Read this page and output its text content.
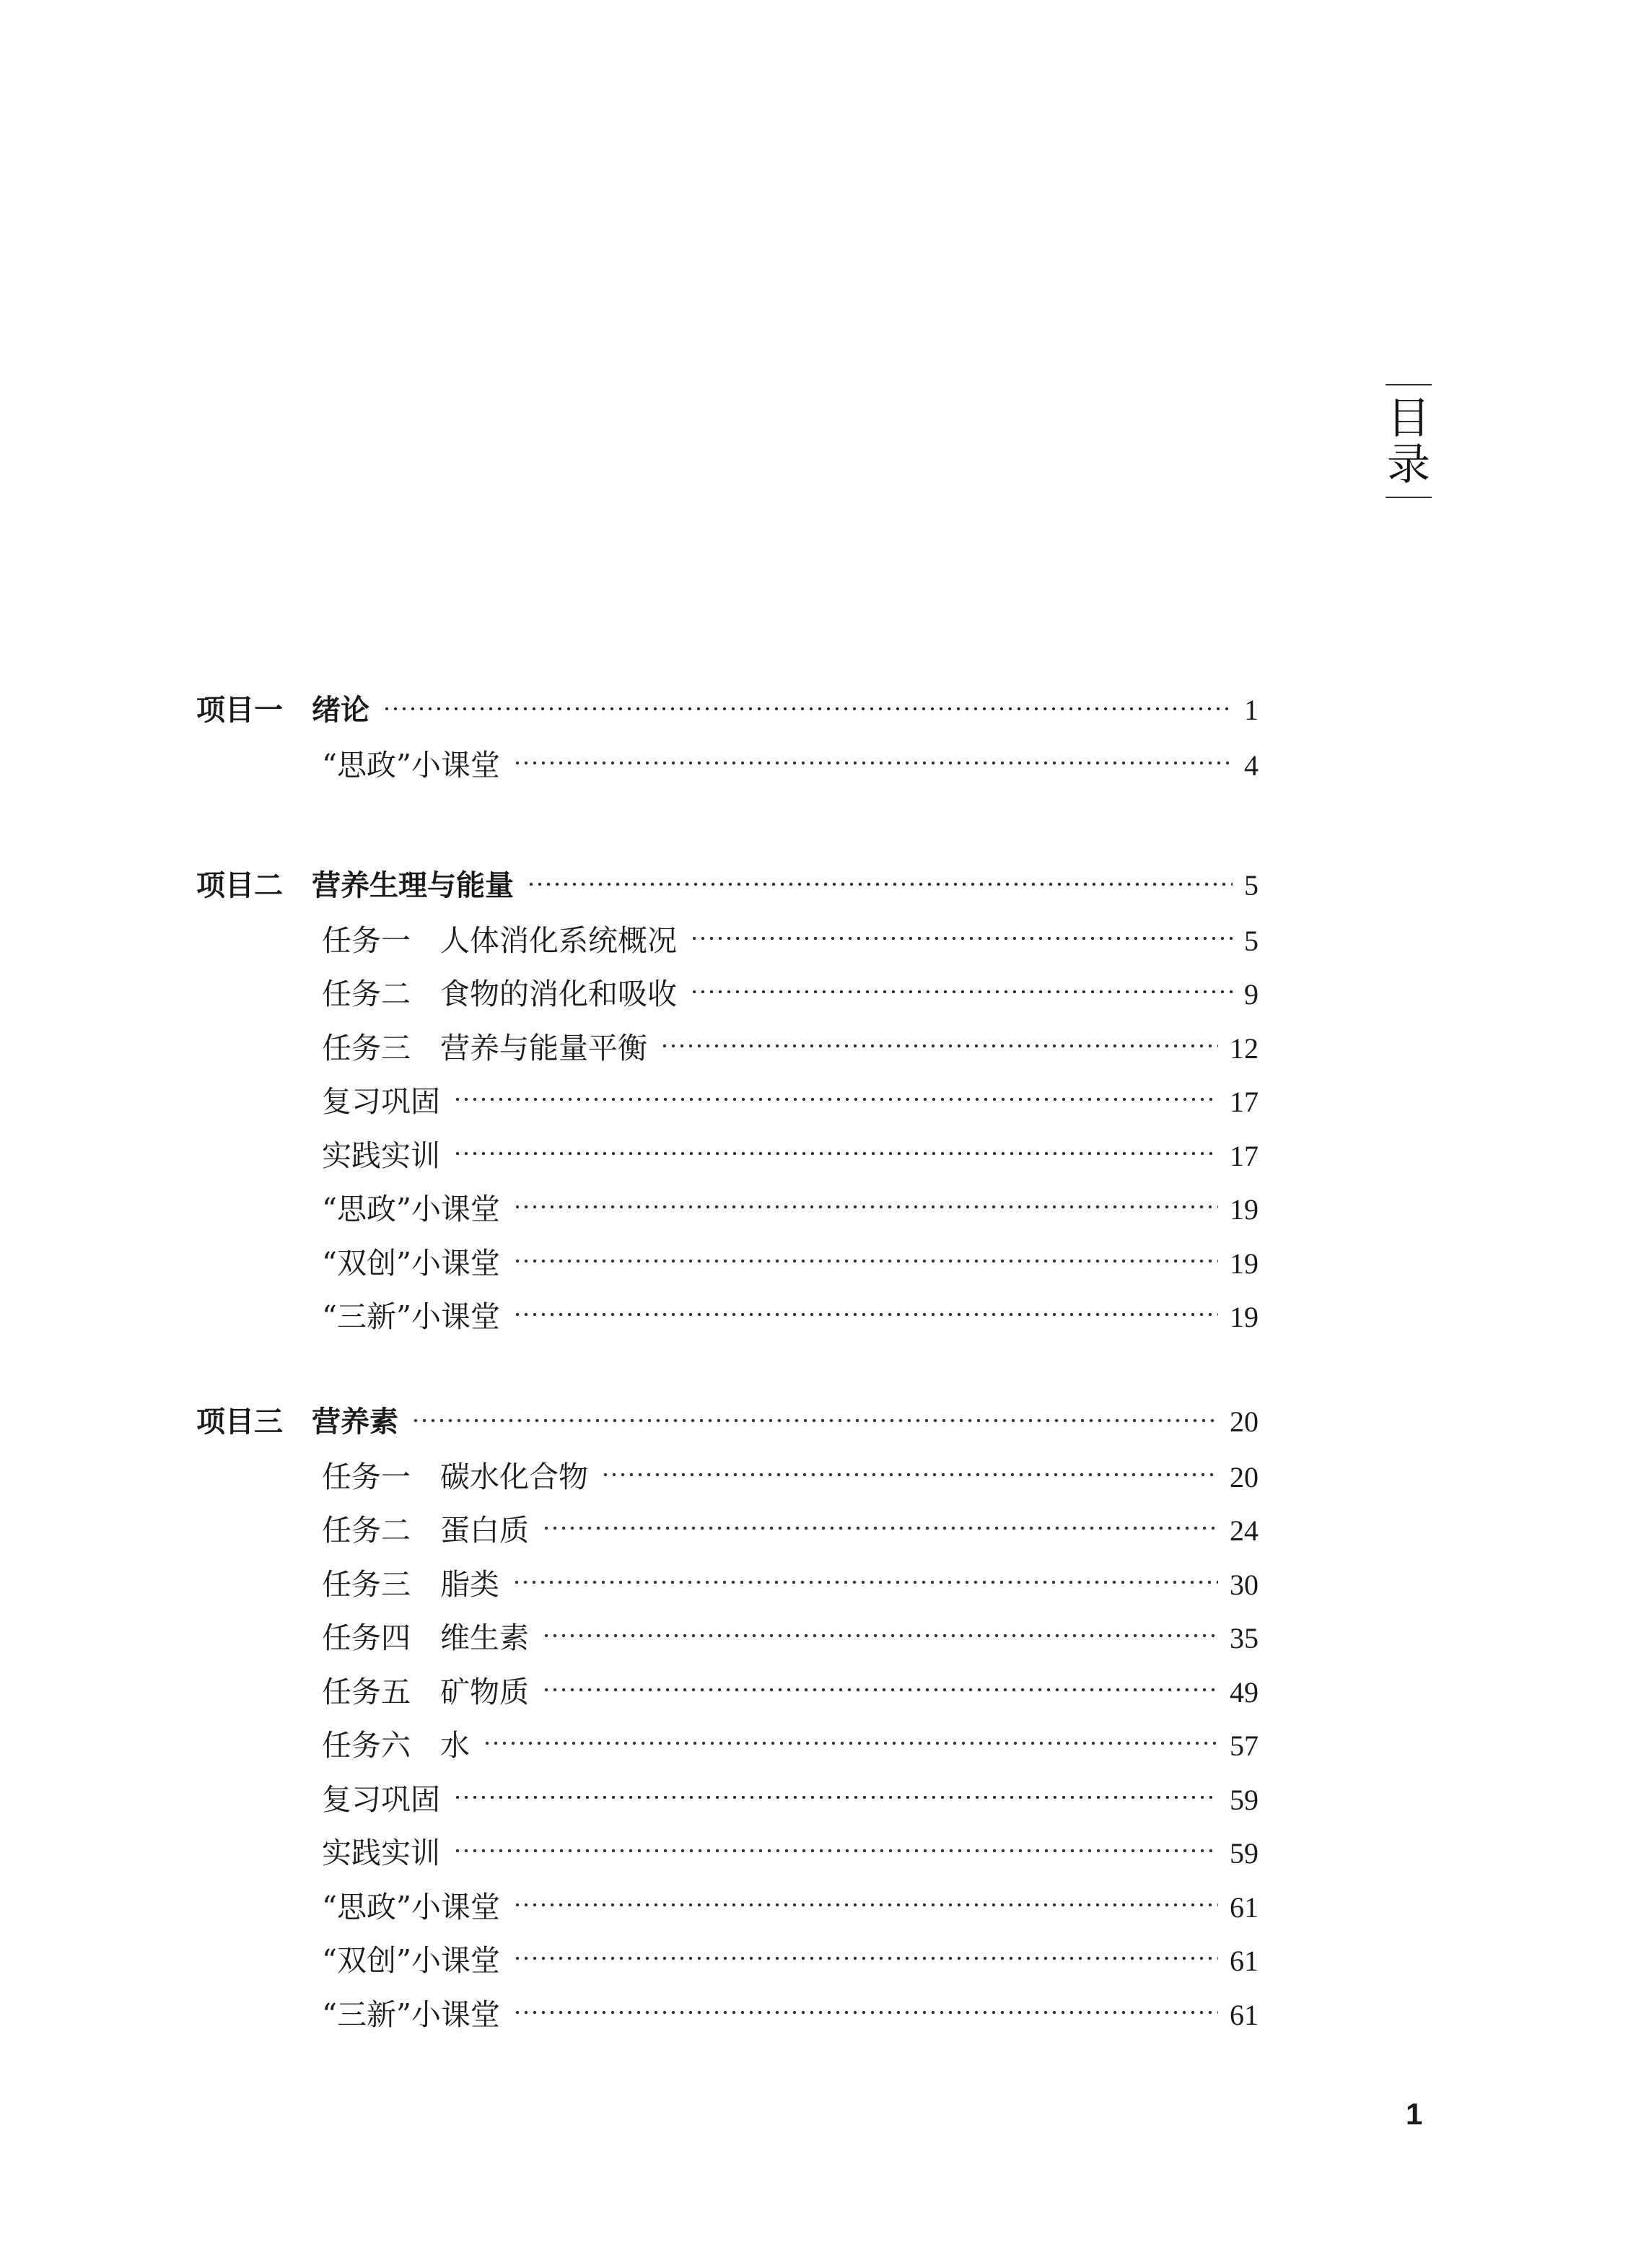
目
录
项目一　绪论	1
“思政”小课堂	4
项目二　营养生理与能量	5
任务一　人体消化系统概况	5
任务二　食物的消化和吸收	9
任务三　营养与能量平衡	12
复习巩固	17
实践实训	17
“思政”小课堂	19
“双创”小课堂	19
“三新”小课堂	19
项目三　营养素	20
任务一　碳水化合物	20
任务二　蛋白质	24
任务三　脂类	30
任务四　维生素	35
任务五　矿物质	49
任务六　水	57
复习巩固	59
实践实训	59
“思政”小课堂	61
“双创”小课堂	61
“三新”小课堂	61
1
